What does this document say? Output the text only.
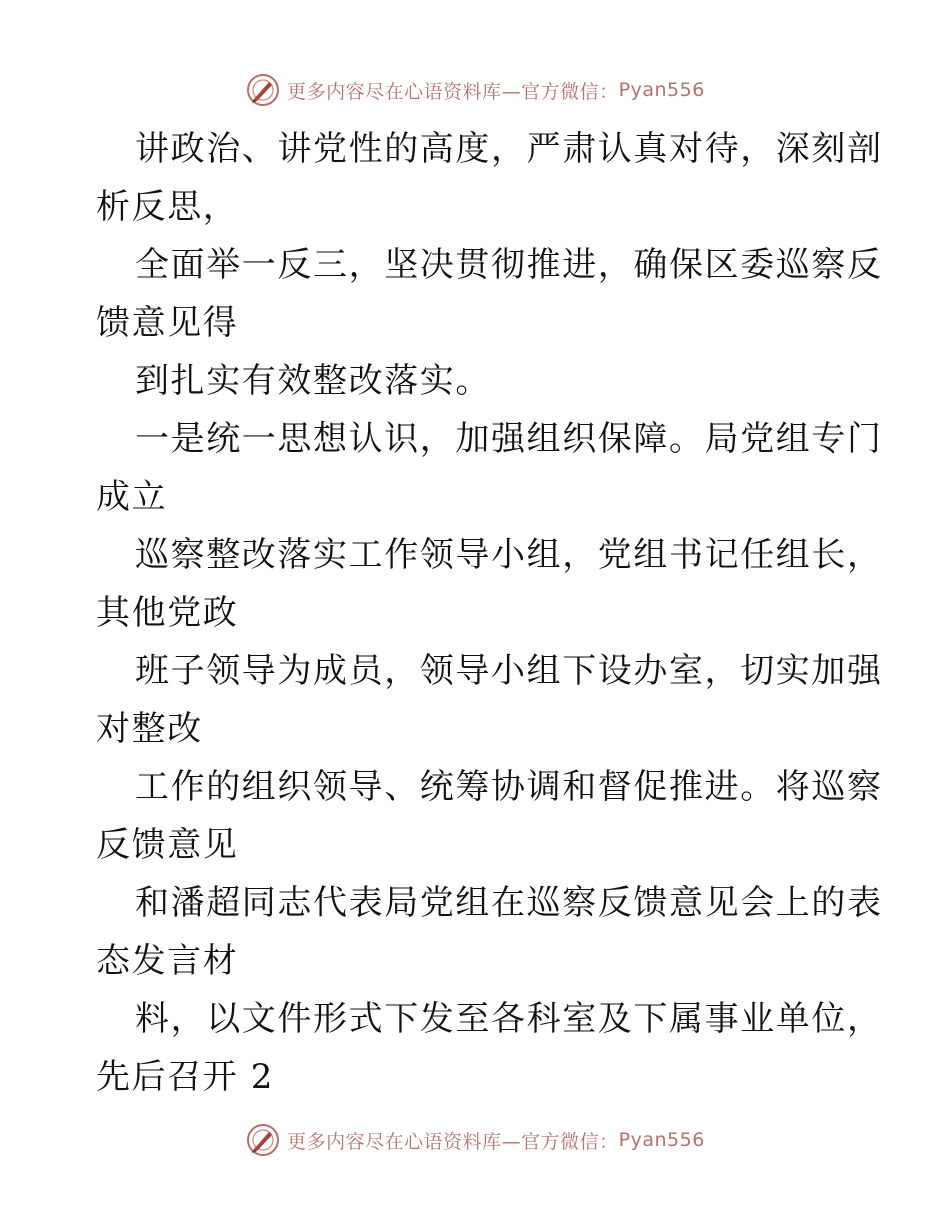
更多内容尽在心语资料库—官方微信： Pyan556
讲政治、讲党性的高度，严肃认真对待，深刻剖
析反思，
全面举一反三，坚决贯彻推进，确保区委巡察反
馈意见得
到扎实有效整改落实。
一是统一思想认识，加强组织保障。局党组专门
成立
巡察整改落实工作领导小组，党组书记任组长，
其他党政
班子领导为成员，领导小组下设办室，切实加强
对整改
工作的组织领导、统筹协调和督促推进。将巡察
反馈意见
和潘超同志代表局党组在巡察反馈意见会上的表
态发言材
料，以文件形式下发至各科室及下属事业单位，
先后召开 2
更多内容尽在心语资料库—官方微信： Pyan556
